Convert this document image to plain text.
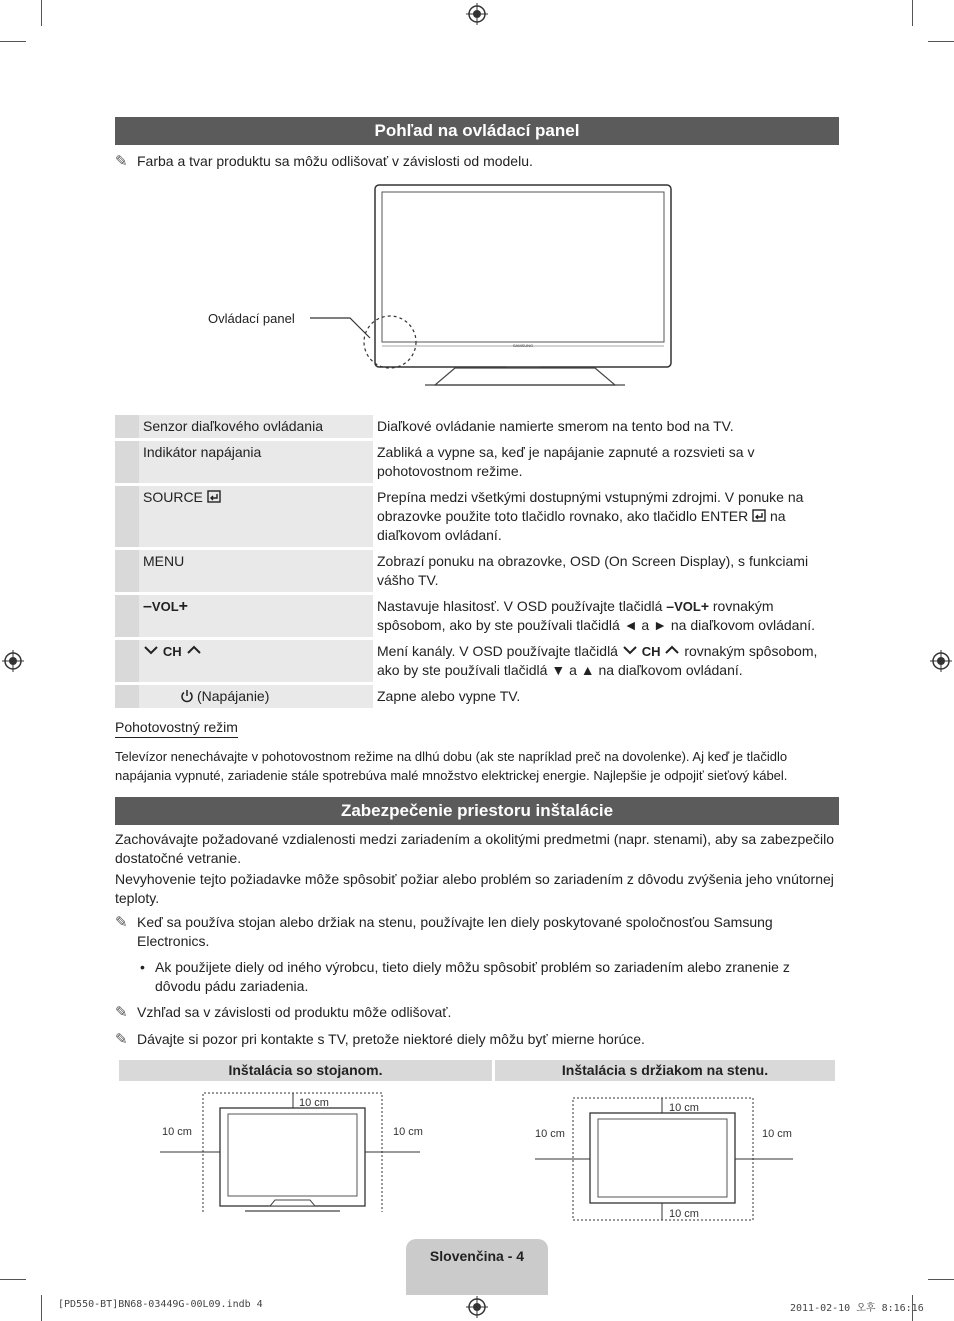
Pohľad na ovládací panel
✎ Farba a tvar produktu sa môžu odlišovať v závislosti od modelu.
SAMSUNG
Ovládací panel
	Senzor diaľkového ovládania	Diaľkové ovládanie namierte smerom na tento bod na TV.
	Indikátor napájania	Zabliká a vypne sa, keď je napájanie zapnuté a rozsvieti sa v pohotovostnom režime.
	SOURCE	Prepína medzi všetkými dostupnými vstupnými zdrojmi. V ponuke na obrazovke použite toto tlačidlo rovnako, ako tlačidlo ENTER na diaľkovom ovládaní.
	MENU	Zobrazí ponuku na obrazovke, OSD (On Screen Display), s funkciami vášho TV.
	–VOL+	Nastavuje hlasitosť. V OSD používajte tlačidlá –VOL+ rovnakým spôsobom, ako by ste používali tlačidlá ◄ a ► na diaľkovom ovládaní.
	CH	Mení kanály. V OSD používajte tlačidlá CH rovnakým spôsobom, ako by ste používali tlačidlá ▼ a ▲ na diaľkovom ovládaní.

(Napájanie)	Zapne alebo vypne TV.
Pohotovostný režim
Televízor nenechávajte v pohotovostnom režime na dlhú dobu (ak ste napríklad preč na dovolenke). Aj keď je tlačidlo napájania vypnuté, zariadenie stále spotrebúva malé množstvo elektrickej energie. Najlepšie je odpojiť sieťový kábel.
Zabezpečenie priestoru inštalácie
Zachovávajte požadované vzdialenosti medzi zariadením a okolitými predmetmi (napr. stenami), aby sa zabezpečilo dostatočné vetranie.
Nevyhovenie tejto požiadavke môže spôsobiť požiar alebo problém so zariadením z dôvodu zvýšenia jeho vnútornej teploty.
✎ Keď sa používa stojan alebo držiak na stenu, používajte len diely poskytované spoločnosťou Samsung Electronics.
• Ak použijete diely od iného výrobcu, tieto diely môžu spôsobiť problém so zariadením alebo zranenie z dôvodu pádu zariadenia.
✎ Vzhľad sa v závislosti od produktu môže odlišovať.
✎ Dávajte si pozor pri kontakte s TV, pretože niektoré diely môžu byť mierne horúce.
Inštalácia so stojanom.	Inštalácia s držiakom na stenu.
10 cm
10 cm	10 cm
10 cm
10 cm	10 cm
10 cm
Slovenčina - 4
[PD550-BT]BN68-03449G-00L09.indb 4	2011-02-10 오후 8:16:16
